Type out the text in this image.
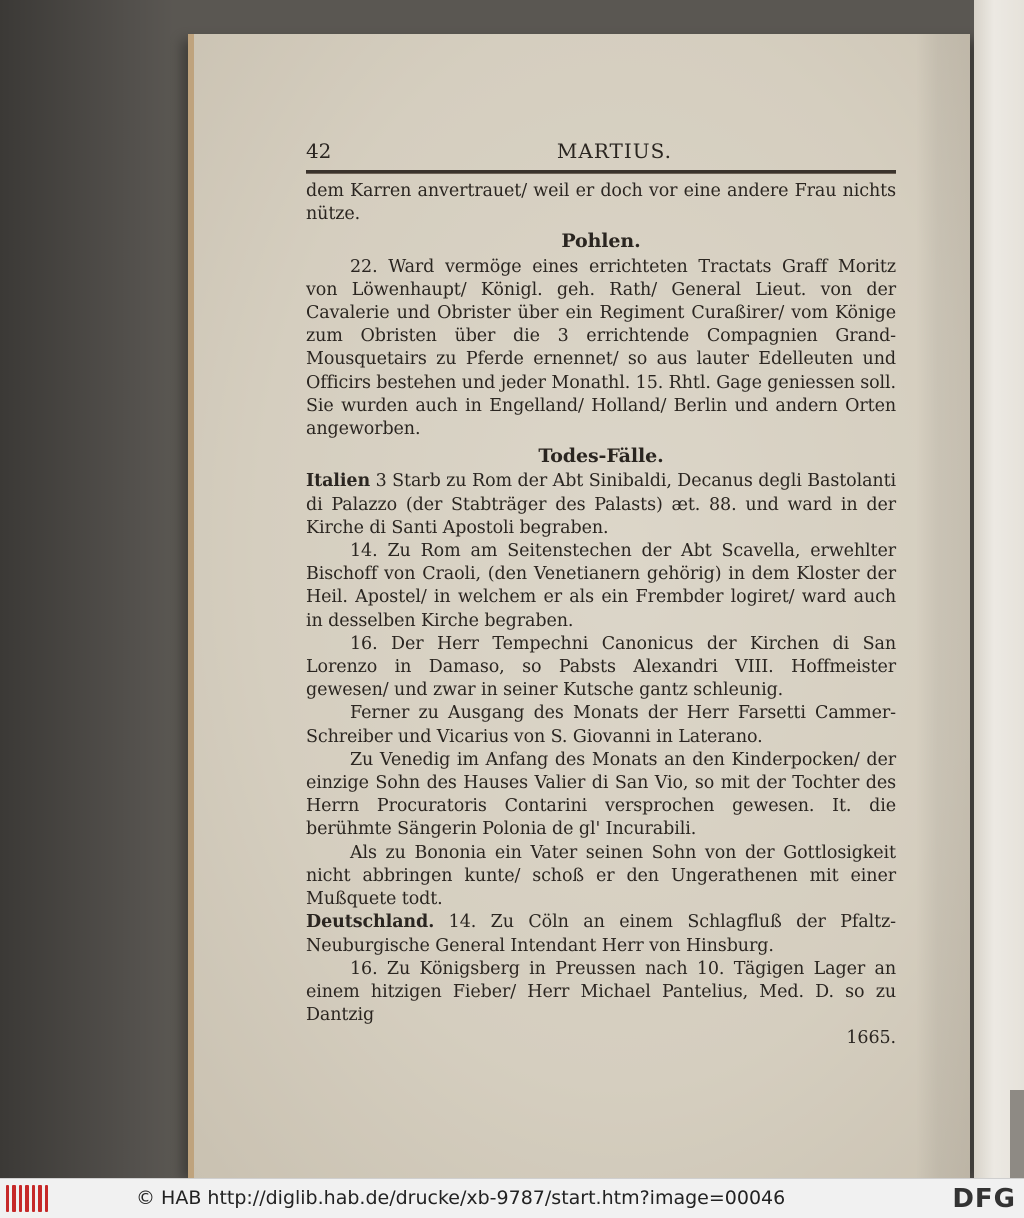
42	MARTIUS.

dem Karren anvertrauet/ weil er doch vor eine andere Frau nichts nütze.

Pohlen.

22. Ward vermöge eines errichteten Tractats Graff Moritz von Löwenhaupt/ Königl. geh. Rath/ General Lieut. von der Cavalerie und Obrister über ein Regiment Curaßirer/ vom Könige zum Obristen über die 3 errichtende Compagnien Grand-Mousquetairs zu Pferde ernennet/ so aus lauter Edelleuten und Officirs bestehen und jeder Monathl. 15. Rhtl. Gage geniessen soll. Sie wurden auch in Engelland/ Holland/ Berlin und andern Orten angeworben.

Todes-Fälle.

Italien 3 Starb zu Rom der Abt Sinibaldi, Decanus degli Bastolanti di Palazzo (der Stabträger des Palasts) æt. 88. und ward in der Kirche di Santi Apostoli begraben.

14. Zu Rom am Seitenstechen der Abt Scavella, erwehlter Bischoff von Craoli, (den Venetianern gehörig) in dem Kloster der Heil. Apostel/ in welchem er als ein Frembder logiret/ ward auch in desselben Kirche begraben.

16. Der Herr Tempechni Canonicus der Kirchen di San Lorenzo in Damaso, so Pabsts Alexandri VIII. Hoffmeister gewesen/ und zwar in seiner Kutsche gantz schleunig.

Ferner zu Ausgang des Monats der Herr Farsetti Cammer-Schreiber und Vicarius von S. Giovanni in Laterano.

Zu Venedig im Anfang des Monats an den Kinderpocken/ der einzige Sohn des Hauses Valier di San Vio, so mit der Tochter des Herrn Procuratoris Contarini versprochen gewesen. It. die berühmte Sängerin Polonia de gl' Incurabili.

Als zu Bononia ein Vater seinen Sohn von der Gottlosigkeit nicht abbringen kunte/ schoß er den Ungerathenen mit einer Mußquete todt.

Deutschland. 14. Zu Cöln an einem Schlagfluß der Pfaltz-Neuburgische General Intendant Herr von Hinsburg.

16. Zu Königsberg in Preussen nach 10. Tägigen Lager an einem hitzigen Fieber/ Herr Michael Pantelius, Med. D. so zu Dantzig

1665.

© HAB http://diglib.hab.de/drucke/xb-9787/start.htm?image=00046	DFG
